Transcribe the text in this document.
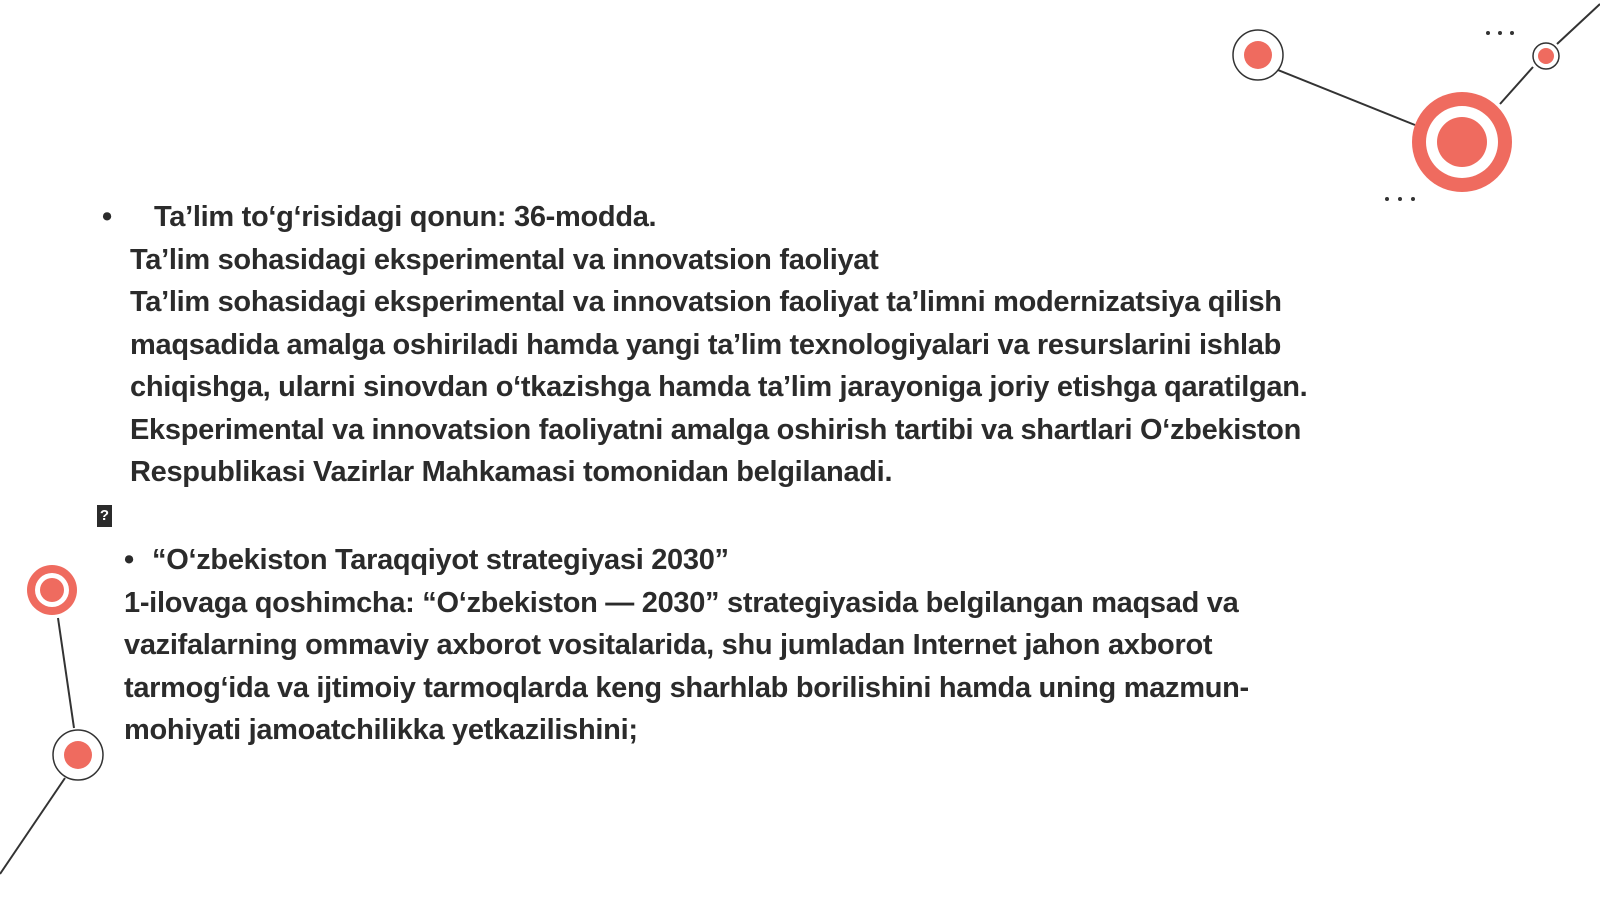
• Ta’lim to‘g‘risidagi qonun: 36-modda.
Ta’lim sohasidagi eksperimental va innovatsion faoliyat
Ta’lim sohasidagi eksperimental va innovatsion faoliyat ta’limni modernizatsiya qilish
maqsadida amalga oshiriladi hamda yangi ta’lim texnologiyalari va resurslarini ishlab
chiqishga, ularni sinovdan o‘tkazishga hamda ta’lim jarayoniga joriy etishga qaratilgan.
Eksperimental va innovatsion faoliyatni amalga oshirish tartibi va shartlari O‘zbekiston
Respublikasi Vazirlar Mahkamasi tomonidan belgilanadi.
?
• “O‘zbekiston Taraqqiyot strategiyasi 2030”
1-ilovaga qoshimcha: “O‘zbekiston — 2030” strategiyasida belgilangan maqsad va
vazifalarning ommaviy axborot vositalarida, shu jumladan Internet jahon axborot
tarmog‘ida va ijtimoiy tarmoqlarda keng sharhlab borilishini hamda uning mazmun-
mohiyati jamoatchilikka yetkazilishini;
